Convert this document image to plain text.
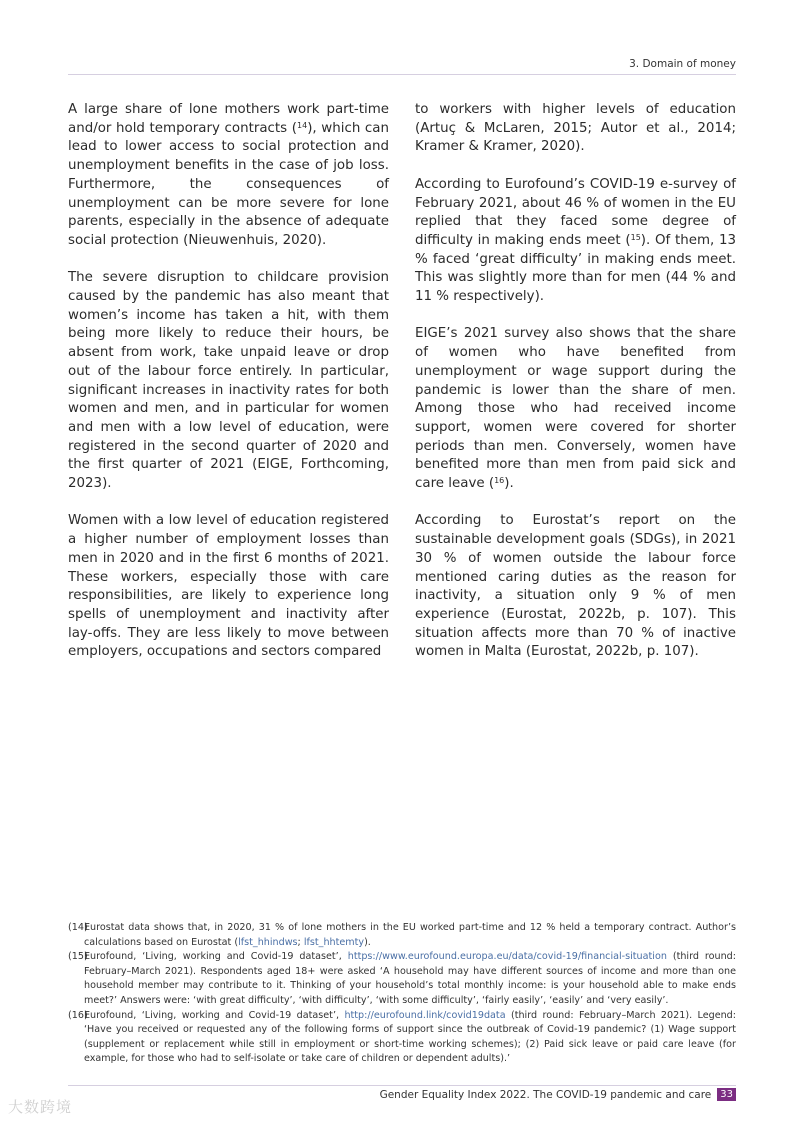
3. Domain of money

A large share of lone mothers work part-time and/or hold temporary contracts ($^{14}$), which can lead to lower access to social protection and unemployment benefits in the case of job loss. Furthermore, the consequences of unemployment can be more severe for lone parents, especially in the absence of adequate social protection (Nieuwenhuis, 2020).

The severe disruption to childcare provision caused by the pandemic has also meant that women’s income has taken a hit, with them being more likely to reduce their hours, be absent from work, take unpaid leave or drop out of the labour force entirely. In particular, significant increases in inactivity rates for both women and men, and in particular for women and men with a low level of education, were registered in the second quarter of 2020 and the first quarter of 2021 (EIGE, Forthcoming, 2023).

Women with a low level of education registered a higher number of employment losses than men in 2020 and in the first 6 months of 2021. These workers, especially those with care responsibilities, are likely to experience long spells of unemployment and inactivity after lay-offs. They are less likely to move between employers, occupations and sectors compared

to workers with higher levels of education (Artuç & McLaren, 2015; Autor et al., 2014; Kramer & Kramer, 2020).

According to Eurofound’s COVID-19 e-survey of February 2021, about 46 % of women in the EU replied that they faced some degree of difficulty in making ends meet ($^{15}$). Of them, 13 % faced ‘great difficulty’ in making ends meet. This was slightly more than for men (44 % and 11 % respectively).

EIGE’s 2021 survey also shows that the share of women who have benefited from unemployment or wage support during the pandemic is lower than the share of men. Among those who had received income support, women were covered for shorter periods than men. Conversely, women have benefited more than men from paid sick and care leave ($^{16}$).

According to Eurostat’s report on the sustainable development goals (SDGs), in 2021 30 % of women outside the labour force mentioned caring duties as the reason for inactivity, a situation only 9 % of men experience (Eurostat, 2022b, p. 107). This situation affects more than 70 % of inactive women in Malta (Eurostat, 2022b, p. 107).

(14)
Eurostat data shows that, in 2020, 31 % of lone mothers in the EU worked part-time and 12 % held a temporary contract. Author’s calculations based on Eurostat (lfst_hhindws; lfst_hhtemty).
(15)
Eurofound, ‘Living, working and Covid-19 dataset’, https://www.eurofound.europa.eu/data/covid-19/financial-situation (third round: February–March 2021). Respondents aged 18+ were asked ‘A household may have different sources of income and more than one household member may contribute to it. Thinking of your household’s total monthly income: is your household able to make ends meet?’ Answers were: ‘with great difficulty’, ‘with difficulty’, ‘with some difficulty’, ‘fairly easily’, ‘easily’ and ‘very easily’.
(16)
Eurofound, ‘Living, working and Covid-19 dataset’, http://eurofound.link/covid19data (third round: February–March 2021). Legend: ‘Have you received or requested any of the following forms of support since the outbreak of Covid-19 pandemic? (1) Wage support (supplement or replacement while still in employment or short-time working schemes); (2) Paid sick leave or paid care leave (for example, for those who had to self-isolate or take care of children or dependent adults).’
Gender Equality Index 2022. The COVID-19 pandemic and care 33
大数跨境
